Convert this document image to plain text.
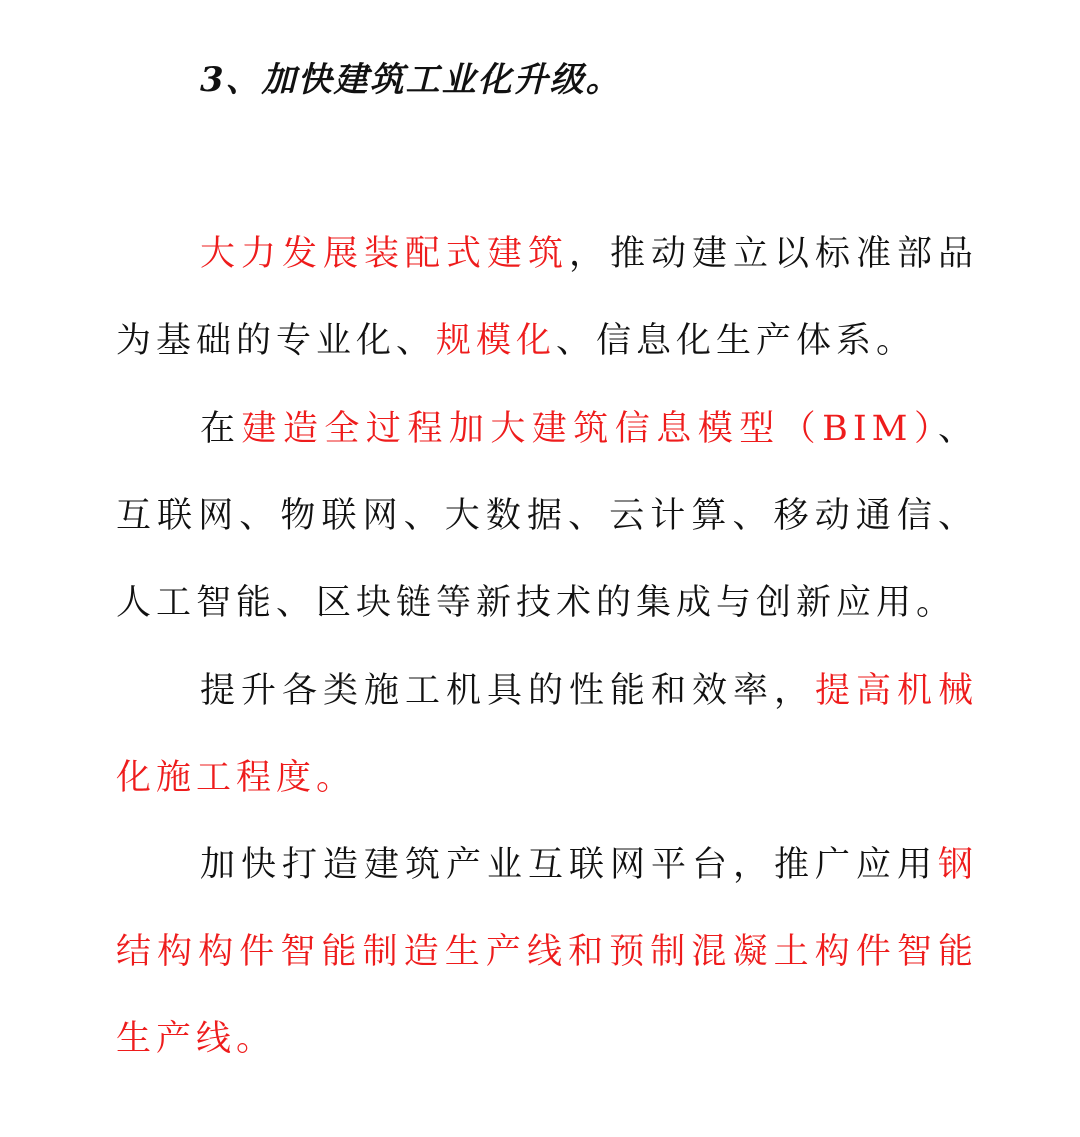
3、加快建筑工业化升级。

大力发展装配式建筑，推动建立以标准部品为基础的专业化、规模化、信息化生产体系。

在建造全过程加大建筑信息模型（BIM）、互联网、物联网、大数据、云计算、移动通信、人工智能、区块链等新技术的集成与创新应用。

提升各类施工机具的性能和效率，提高机械化施工程度。

加快打造建筑产业互联网平台，推广应用钢结构构件智能制造生产线和预制混凝土构件智能生产线。
